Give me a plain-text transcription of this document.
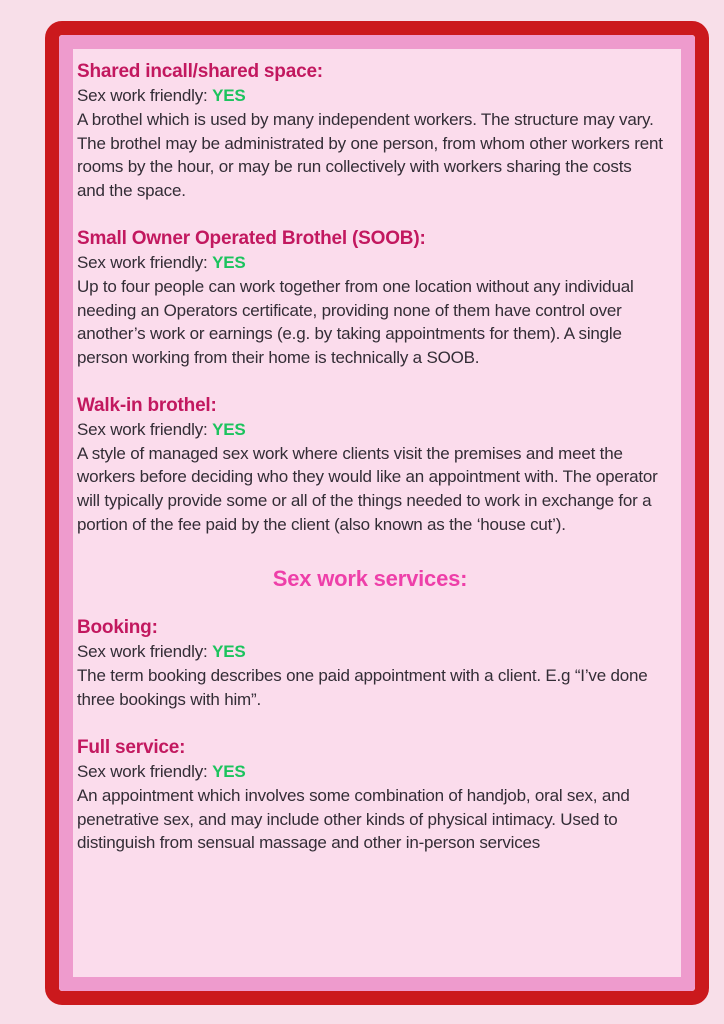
Shared incall/shared space:

Sex work friendly: YES

A brothel which is used by many independent workers. The structure may vary. The brothel may be administrated by one person, from whom other workers rent rooms by the hour, or may be run collectively with workers sharing the costs and the space.

Small Owner Operated Brothel (SOOB):

Sex work friendly: YES

Up to four people can work together from one location without any individual needing an Operators certificate, providing none of them have control over another’s work or earnings (e.g. by taking appointments for them). A single person working from their home is technically a SOOB.

Walk-in brothel:

Sex work friendly: YES

A style of managed sex work where clients visit the premises and meet the workers before deciding who they would like an appointment with. The operator will typically provide some or all of the things needed to work in exchange for a portion of the fee paid by the client (also known as the ‘house cut’).

Sex work services:
Booking:

Sex work friendly: YES

The term booking describes one paid appointment with a client. E.g “I’ve done three bookings with him”.

Full service:

Sex work friendly: YES

An appointment which involves some combination of handjob, oral sex, and penetrative sex, and may include other kinds of physical intimacy. Used to distinguish from sensual massage and other in-person services
